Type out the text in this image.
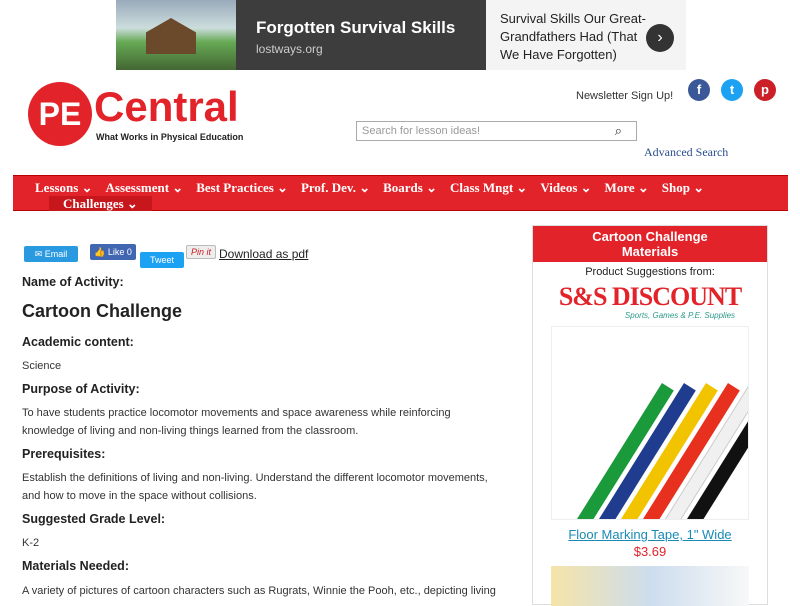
Forgotten Survival Skills
lostways.org
Survival Skills Our Great-Grandfathers Had (That We Have Forgotten)
›
PE Central
What Works in Physical Education
Newsletter Sign Up!	f	t	p
Search for lesson ideas!	⌕
Advanced Search
Lessons ⌄ Assessment ⌄ Best Practices ⌄ Prof. Dev. ⌄ Boards ⌄ Class Mngt ⌄ Videos ⌄ More ⌄ Shop ⌄
Challenges ⌄
✉ Email	👍 Like 0
Tweet
Pin it Download as pdf
Name of Activity:
Cartoon Challenge
Academic content:
Science
Purpose of Activity:
To have students practice locomotor movements and space awareness while reinforcing knowledge of living and non-living things learned from the classroom.
Prerequisites:
Establish the definitions of living and non-living. Understand the different locomotor movements, and how to move in the space without collisions.
Suggested Grade Level:
K-2
Materials Needed:
A variety of pictures of cartoon characters such as Rugrats, Winnie the Pooh, etc., depicting living
Cartoon Challenge Materials
Product Suggestions from:
S&S DISCOUNT
Sports, Games & P.E. Supplies
Floor Marking Tape, 1" Wide
$3.69
